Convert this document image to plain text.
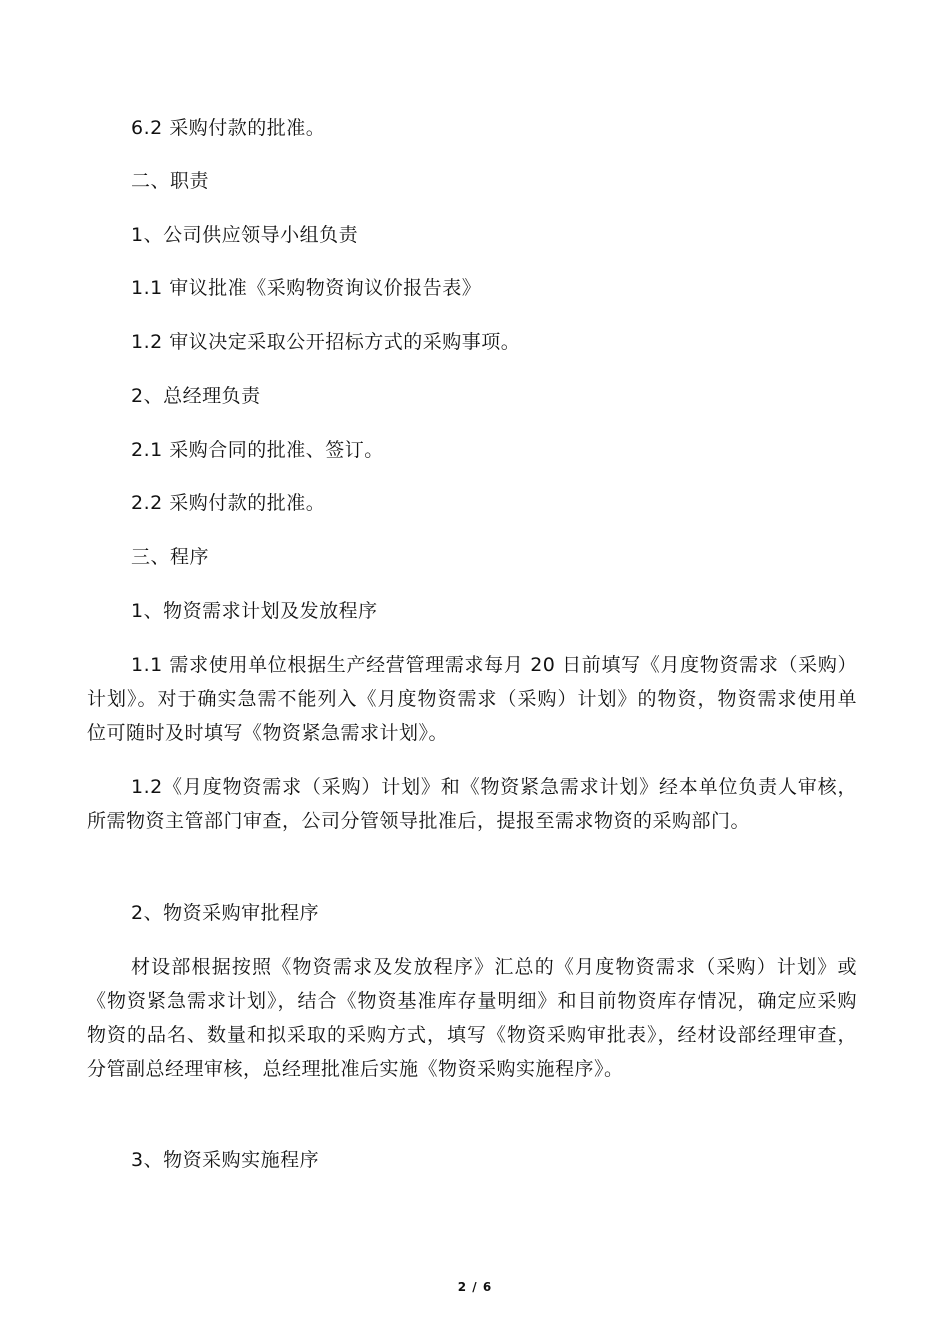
6.2 采购付款的批准。
二、职责
1、公司供应领导小组负责
1.1 审议批准《采购物资询议价报告表》
1.2 审议决定采取公开招标方式的采购事项。
2、总经理负责
2.1 采购合同的批准、签订。
2.2 采购付款的批准。
三、程序
1、物资需求计划及发放程序
1.1 需求使用单位根据生产经营管理需求每月 20 日前填写《月度物资需求（采购）计划》。对于确实急需不能列入《月度物资需求（采购）计划》的物资，物资需求使用单位可随时及时填写《物资紧急需求计划》。
1.2《月度物资需求（采购）计划》和《物资紧急需求计划》经本单位负责人审核，所需物资主管部门审查，公司分管领导批准后，提报至需求物资的采购部门。
2、物资采购审批程序
材设部根据按照《物资需求及发放程序》汇总的《月度物资需求（采购）计划》或《物资紧急需求计划》，结合《物资基准库存量明细》和目前物资库存情况，确定应采购物资的品名、数量和拟采取的采购方式，填写《物资采购审批表》，经材设部经理审查，分管副总经理审核，总经理批准后实施《物资采购实施程序》。
3、物资采购实施程序
2 / 6
